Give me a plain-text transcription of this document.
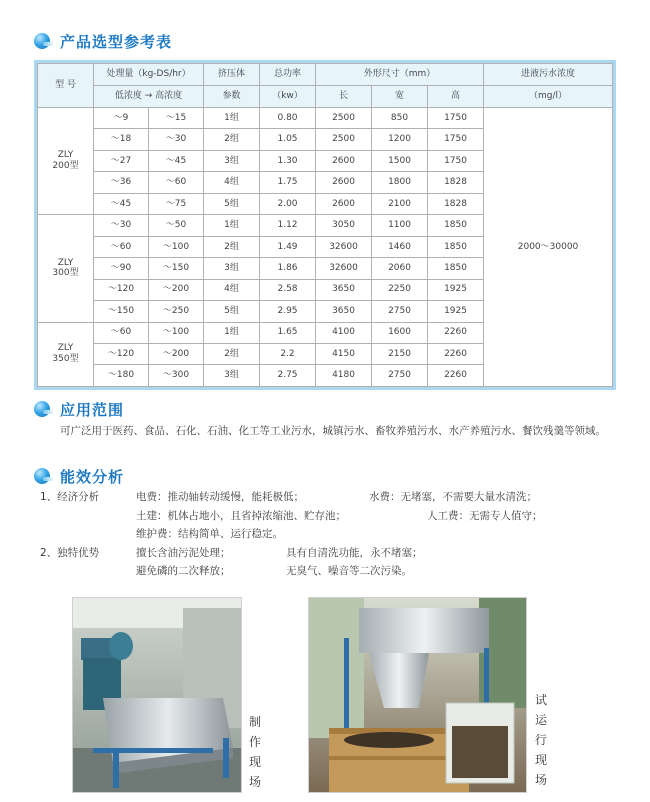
产品选型参考表
型 号	处理量（kg-DS/hr）		挤压体	总功率	外形尺寸（mm）			进液污水浓度
	低浓度 → 高浓度		参数	（kw）	长	宽	高	（mg/l）
ZLY
200型	～9	～15	1组	0.80	2500	850	1750	2000～30000
	～18	～30	2组	1.05	2500	1200	1750	
	～27	～45	3组	1.30	2600	1500	1750	
	～36	～60	4组	1.75	2600	1800	1828	
	～45	～75	5组	2.00	2600	2100	1828	
ZLY
300型	～30	～50	1组	1.12	3050	1100	1850	
	～60	～100	2组	1.49	32600	1460	1850	
	～90	～150	3组	1.86	32600	2060	1850	
	～120	～200	4组	2.58	3650	2250	1925	
	～150	～250	5组	2.95	3650	2750	1925	
ZLY
350型	～60	～100	1组	1.65	4100	1600	2260	
	～120	～200	2组	2.2	4150	2150	2260	
	～180	～300	3组	2.75	4180	2750	2260	
应用范围
可广泛用于医药、食品、石化、石油、化工等工业污水，城镇污水、畜牧养殖污水、水产养殖污水、餐饮残羹等领域。
能效分析
1、经济分析	电费：推动轴转动缓慢，能耗极低；	水费：无堵塞，不需要大量水清洗；
土建：机体占地小，且省掉浓缩池、贮存池；	人工费：无需专人值守；
维护费：结构简单、运行稳定。
2、独特优势	擅长含油污泥处理；	具有自清洗功能，永不堵塞；
避免磷的二次释放；	无臭气、噪音等二次污染。
制作现场
试运行现场
